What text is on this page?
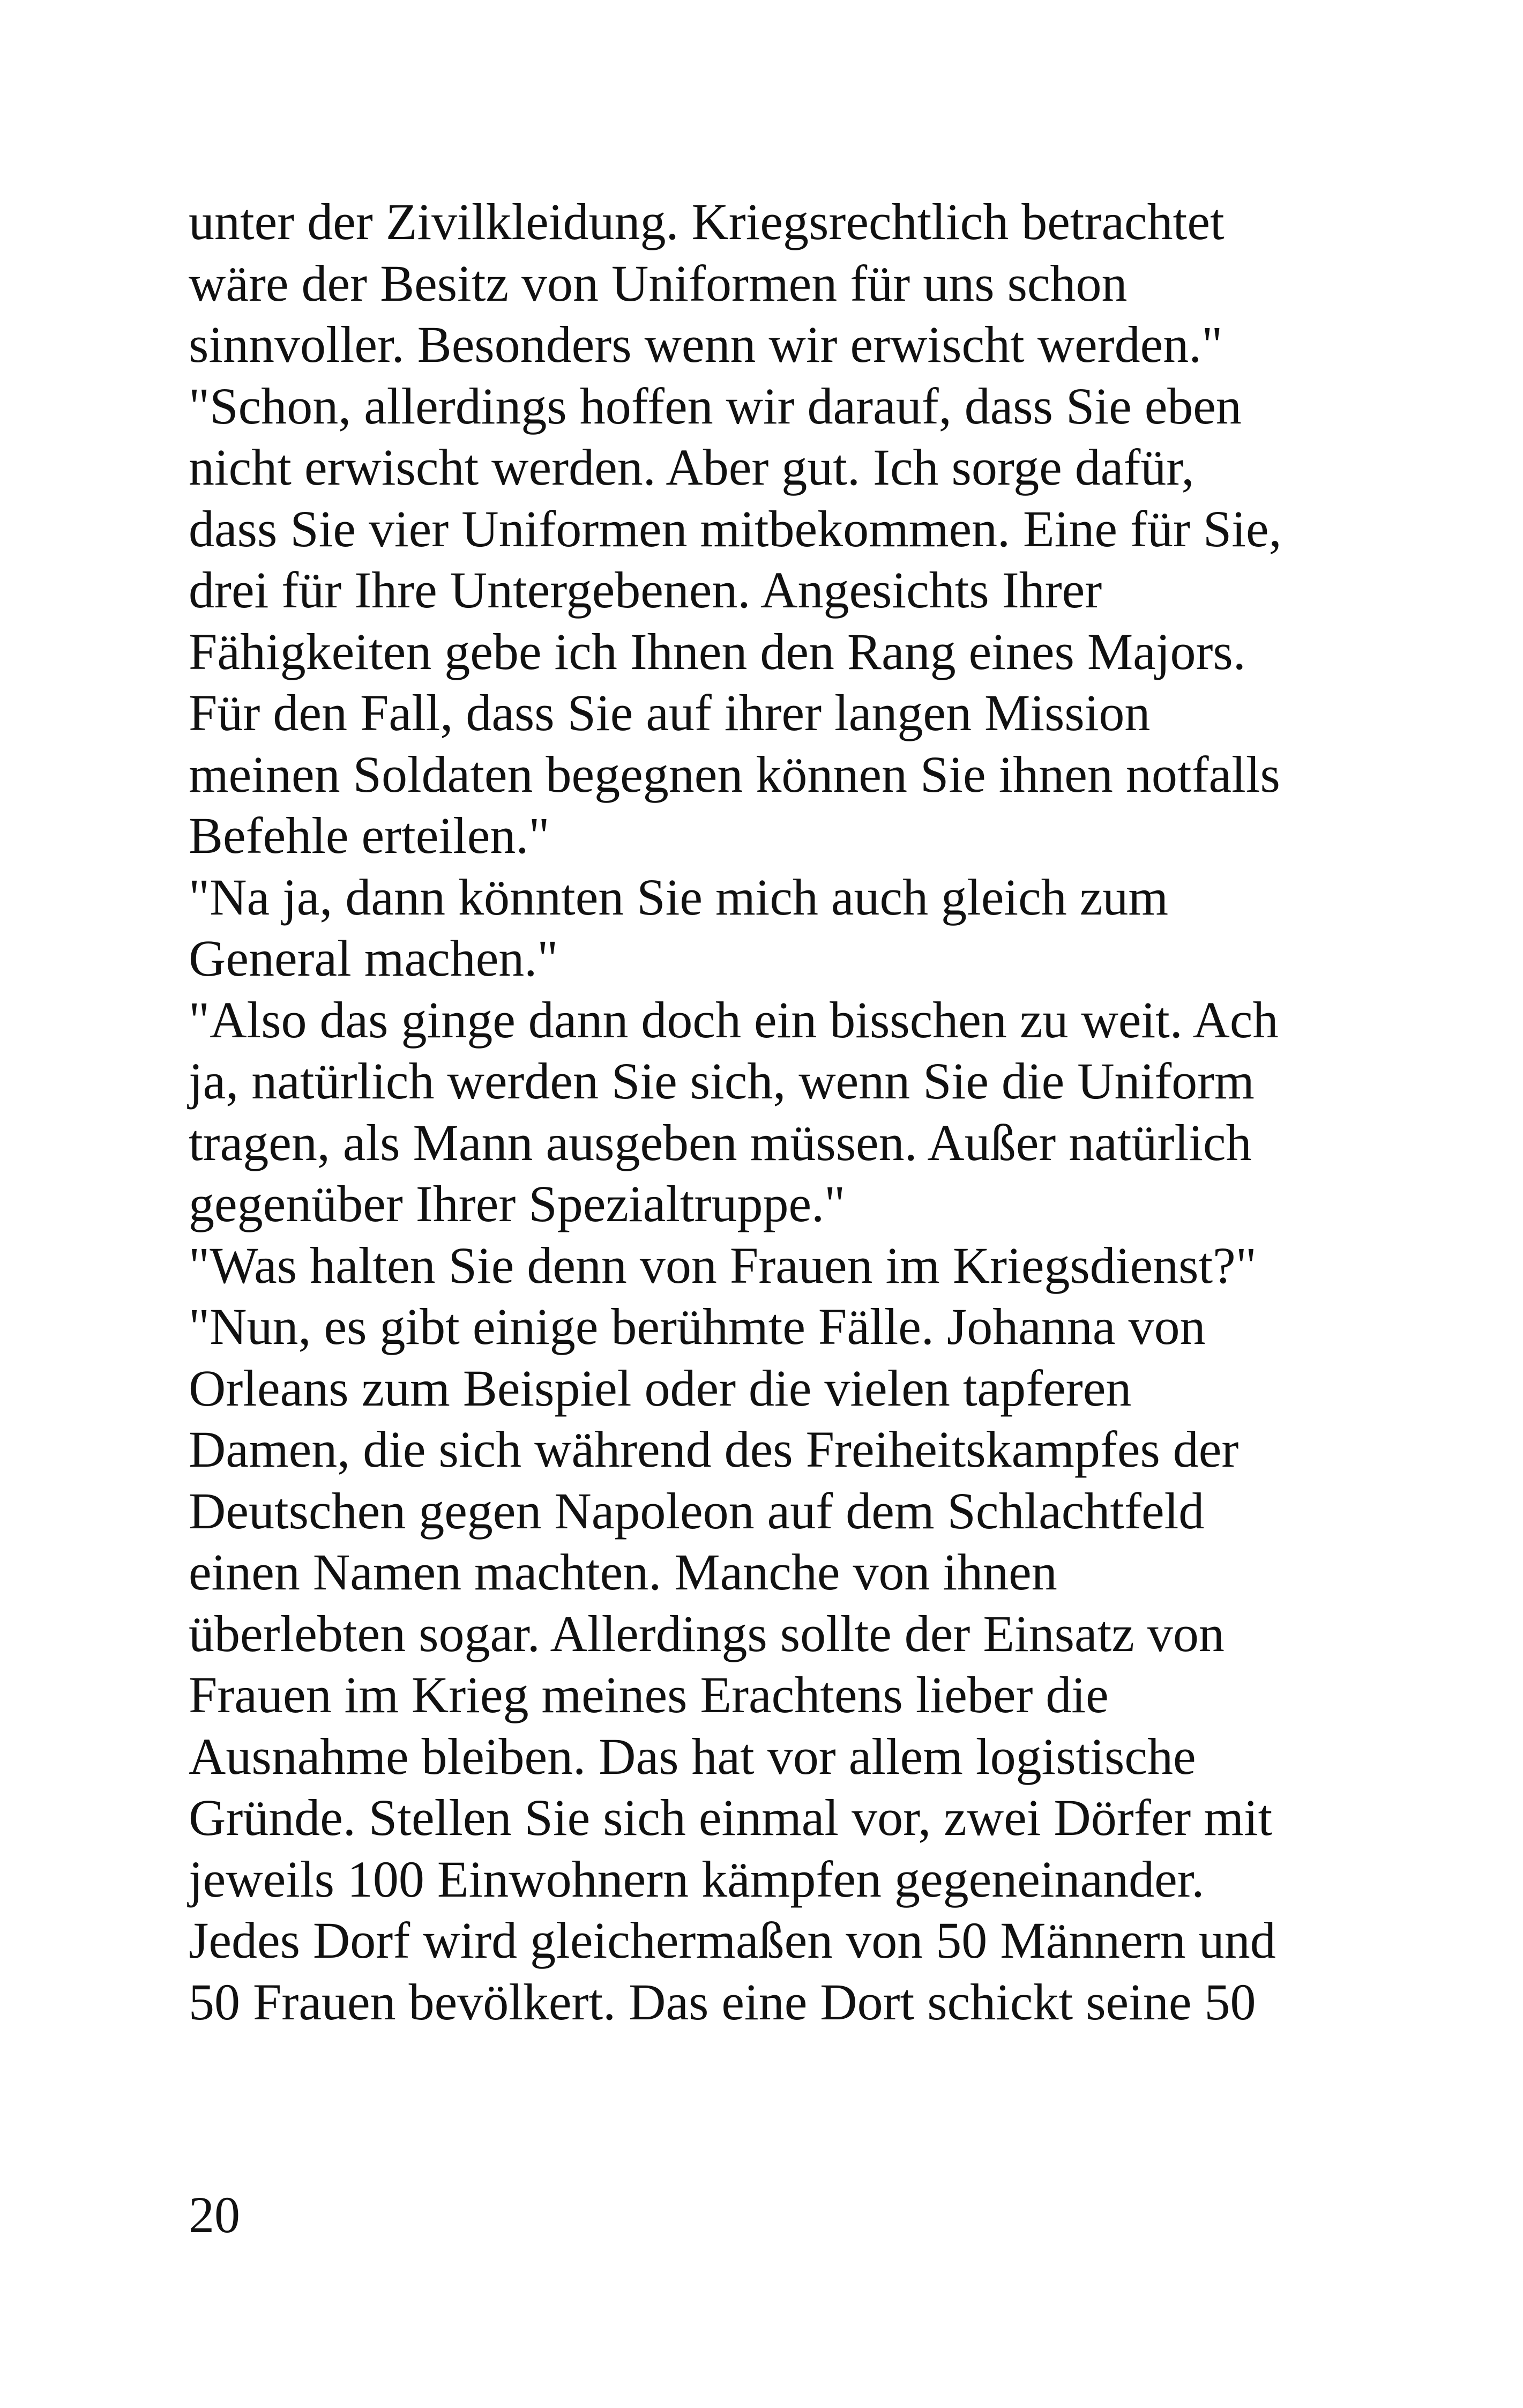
unter der Zivilkleidung. Kriegsrechtlich betrachtet
wäre der Besitz von Uniformen für uns schon
sinnvoller. Besonders wenn wir erwischt werden."
"Schon, allerdings hoffen wir darauf, dass Sie eben
nicht erwischt werden. Aber gut. Ich sorge dafür,
dass Sie vier Uniformen mitbekommen. Eine für Sie,
drei für Ihre Untergebenen. Angesichts Ihrer
Fähigkeiten gebe ich Ihnen den Rang eines Majors.
Für den Fall, dass Sie auf ihrer langen Mission
meinen Soldaten begegnen können Sie ihnen notfalls
Befehle erteilen."
"Na ja, dann könnten Sie mich auch gleich zum
General machen."
"Also das ginge dann doch ein bisschen zu weit. Ach
ja, natürlich werden Sie sich, wenn Sie die Uniform
tragen, als Mann ausgeben müssen. Außer natürlich
gegenüber Ihrer Spezialtruppe."
"Was halten Sie denn von Frauen im Kriegsdienst?"
"Nun, es gibt einige berühmte Fälle. Johanna von
Orleans zum Beispiel oder die vielen tapferen
Damen, die sich während des Freiheitskampfes der
Deutschen gegen Napoleon auf dem Schlachtfeld
einen Namen machten. Manche von ihnen
überlebten sogar. Allerdings sollte der Einsatz von
Frauen im Krieg meines Erachtens lieber die
Ausnahme bleiben. Das hat vor allem logistische
Gründe. Stellen Sie sich einmal vor, zwei Dörfer mit
jeweils 100 Einwohnern kämpfen gegeneinander.
Jedes Dorf wird gleichermaßen von 50 Männern und
50 Frauen bevölkert. Das eine Dort schickt seine 50
20
